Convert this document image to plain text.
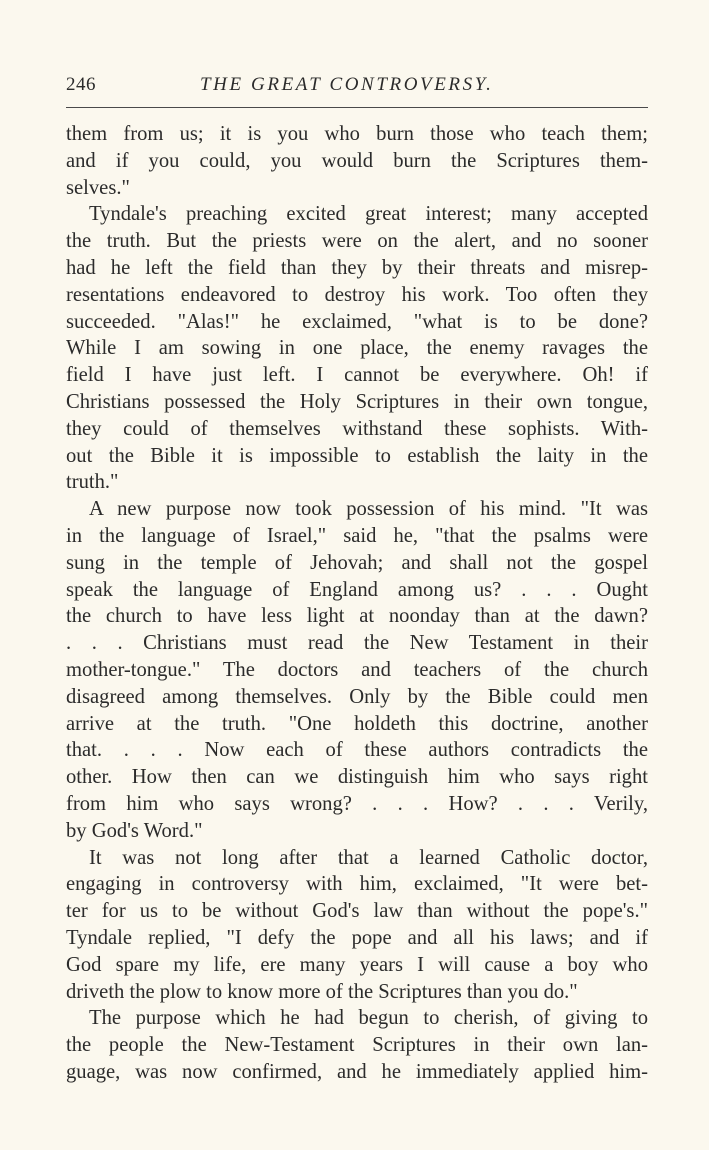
246	THE GREAT CONTROVERSY.
them from us; it is you who burn those who teach them;
and if you could, you would burn the Scriptures them-
selves."
Tyndale's preaching excited great interest; many accepted
the truth. But the priests were on the alert, and no sooner
had he left the field than they by their threats and misrep-
resentations endeavored to destroy his work. Too often they
succeeded. "Alas!" he exclaimed, "what is to be done?
While I am sowing in one place, the enemy ravages the
field I have just left. I cannot be everywhere. Oh! if
Christians possessed the Holy Scriptures in their own tongue,
they could of themselves withstand these sophists. With-
out the Bible it is impossible to establish the laity in the
truth."
A new purpose now took possession of his mind. "It was
in the language of Israel," said he, "that the psalms were
sung in the temple of Jehovah; and shall not the gospel
speak the language of England among us? . . . Ought
the church to have less light at noonday than at the dawn?
. . . Christians must read the New Testament in their
mother-tongue." The doctors and teachers of the church
disagreed among themselves. Only by the Bible could men
arrive at the truth. "One holdeth this doctrine, another
that. . . . Now each of these authors contradicts the
other. How then can we distinguish him who says right
from him who says wrong? . . . How? . . . Verily,
by God's Word."
It was not long after that a learned Catholic doctor,
engaging in controversy with him, exclaimed, "It were bet-
ter for us to be without God's law than without the pope's."
Tyndale replied, "I defy the pope and all his laws; and if
God spare my life, ere many years I will cause a boy who
driveth the plow to know more of the Scriptures than you do."
The purpose which he had begun to cherish, of giving to
the people the New-Testament Scriptures in their own lan-
guage, was now confirmed, and he immediately applied him-
